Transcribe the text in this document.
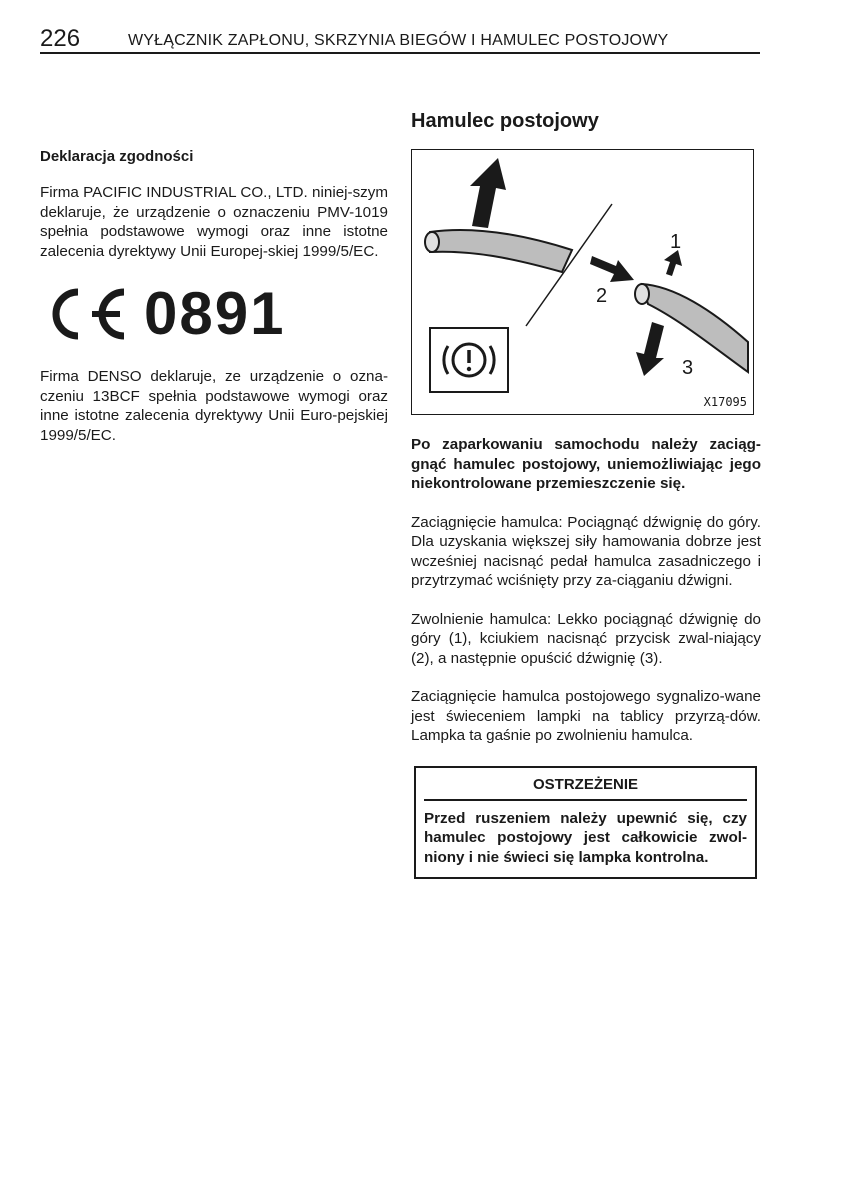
226	WYŁĄCZNIK ZAPŁONU, SKRZYNIA BIEGÓW I HAMULEC POSTOJOWY
Deklaracja zgodności

Firma PACIFIC INDUSTRIAL CO., LTD. niniej-szym deklaruje, że urządzenie o oznaczeniu PMV-1019 spełnia podstawowe wymogi oraz inne istotne zalecenia dyrektywy Unii Europej-skiej 1999/5/EC.

0891

Firma DENSO deklaruje, ze urządzenie o ozna-czeniu 13BCF spełnia podstawowe wymogi oraz inne istotne zalecenia dyrektywy Unii Euro-pejskiej 1999/5/EC.

Hamulec postojowy
1
2
3
X17095

Po zaparkowaniu samochodu należy zaciąg-gnąć hamulec postojowy, uniemożliwiając jego niekontrolowane przemieszczenie się.

Zaciągnięcie hamulca: Pociągnąć dźwignię do góry. Dla uzyskania większej siły hamowania dobrze jest wcześniej nacisnąć pedał hamulca zasadniczego i przytrzymać wciśnięty przy za-ciąganiu dźwigni.

Zwolnienie hamulca: Lekko pociągnąć dźwignię do góry (1), kciukiem nacisnąć przycisk zwal-niający (2), a następnie opuścić dźwignię (3).

Zaciągnięcie hamulca postojowego sygnalizo-wane jest świeceniem lampki na tablicy przyrzą-dów. Lampka ta gaśnie po zwolnieniu hamulca.

OSTRZEŻENIE

Przed ruszeniem należy upewnić się, czy hamulec postojowy jest całkowicie zwol-niony i nie świeci się lampka kontrolna.
